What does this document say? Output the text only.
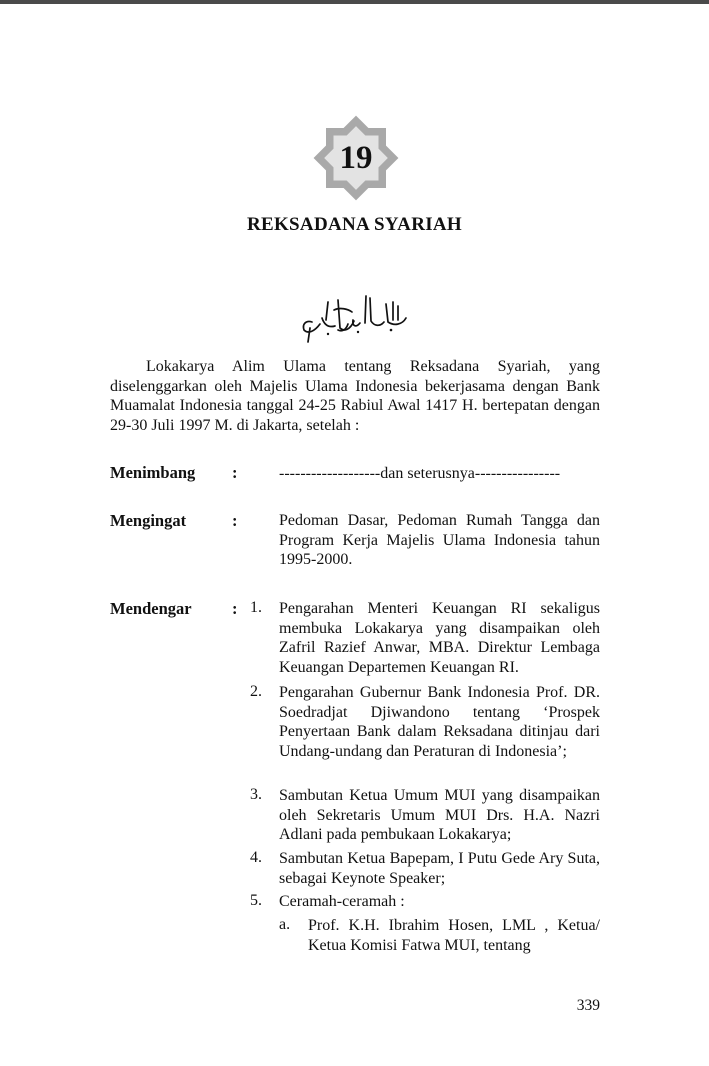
19
REKSADANA SYARIAH

Lokakarya Alim Ulama tentang Reksadana Syariah, yang diselenggarkan oleh Majelis Ulama Indonesia bekerjasama dengan Bank Muamalat Indonesia tanggal 24-25 Rabiul Awal 1417 H. bertepatan dengan 29-30 Juli 1997 M. di Jakarta, setelah :

Menimbang :	-------------------dan seterusnya----------------
Mengingat	:	Pedoman Dasar, Pedoman Rumah Tangga dan Program Kerja Majelis Ulama Indonesia tahun 1995-2000.
Mendengar : 1. Pengarahan Menteri Keuangan RI sekaligus membuka Lokakarya yang disampaikan oleh Zafril Razief Anwar, MBA. Direktur Lembaga Keuangan Departemen Keuangan RI.
2. Pengarahan Gubernur Bank Indonesia Prof. DR. Soedradjat Djiwandono tentang ‘Prospek Penyertaan Bank dalam Reksadana ditinjau dari Undang-undang dan Peraturan di Indonesia’;
3. Sambutan Ketua Umum MUI yang disampaikan oleh Sekretaris Umum MUI Drs. H.A. Nazri Adlani pada pembukaan Lokakarya;
4. Sambutan Ketua Bapepam, I Putu Gede Ary Suta, sebagai Keynote Speaker;
5. Ceramah-ceramah :
a. Prof. K.H. Ibrahim Hosen, LML , Ketua/ Ketua Komisi Fatwa MUI, tentang
339
